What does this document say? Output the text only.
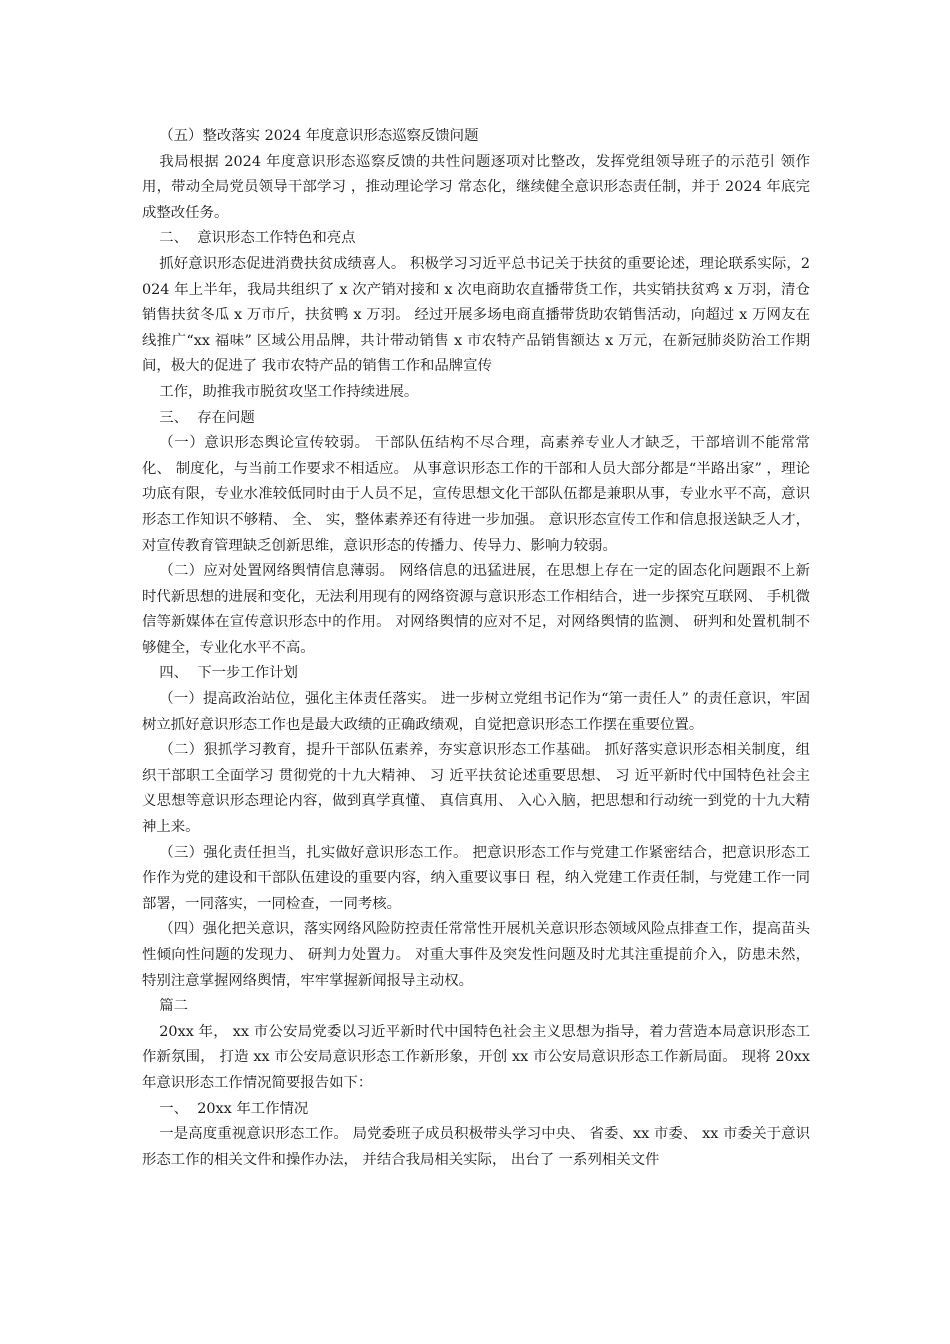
（五）整改落实 2024 年度意识形态巡察反馈问题

我局根据 2024 年度意识形态巡察反馈的共性问题逐项对比整改，发挥党组领导班子的示范引 领作用，带动全局党员领导干部学习 ，推动理论学习 常态化，继续健全意识形态责任制，并于 2024 年底完成整改任务。

二、  意识形态工作特色和亮点

抓好意识形态促进消费扶贫成绩喜人。 积极学习习近平总书记关于扶贫的重要论述，理论联系实际，2024 年上半年，我局共组织了 x 次产销对接和 x 次电商助农直播带货工作，共实销扶贫鸡 x 万羽，清仓销售扶贫冬瓜 x 万市斤，扶贫鸭 x 万羽。 经过开展多场电商直播带货助农销售活动，向超过 x 万网友在线推广“xx 福味” 区域公用品牌，共计带动销售 x 市农特产品销售额达 x 万元，在新冠肺炎防治工作期间，极大的促进了 我市农特产品的销售工作和品牌宣传

工作，助推我市脱贫攻坚工作持续进展。

三、  存在问题

（一）意识形态舆论宣传较弱。 干部队伍结构不尽合理，高素养专业人才缺乏，干部培训不能常常化、 制度化，与当前工作要求不相适应。 从事意识形态工作的干部和人员大部分都是“半路出家” ，理论功底有限，专业水准较低同时由于人员不足，宣传思想文化干部队伍都是兼职从事，专业水平不高，意识形态工作知识不够精、 全、 实，整体素养还有待进一步加强。 意识形态宣传工作和信息报送缺乏人才，对宣传教育管理缺乏创新思维，意识形态的传播力、传导力、影响力较弱。

（二）应对处置网络舆情信息薄弱。 网络信息的迅猛进展，在思想上存在一定的固态化问题跟不上新时代新思想的进展和变化，无法利用现有的网络资源与意识形态工作相结合，进一步探究互联网、 手机微信等新媒体在宣传意识形态中的作用。 对网络舆情的应对不足，对网络舆情的监测、 研判和处置机制不够健全，专业化水平不高。

四、  下一步工作计划

（一）提高政治站位，强化主体责任落实。 进一步树立党组书记作为“第一责任人” 的责任意识，牢固树立抓好意识形态工作也是最大政绩的正确政绩观，自觉把意识形态工作摆在重要位置。

（二）狠抓学习教育，提升干部队伍素养，夯实意识形态工作基础。 抓好落实意识形态相关制度，组织干部职工全面学习 贯彻党的十九大精神、 习 近平扶贫论述重要思想、 习 近平新时代中国特色社会主义思想等意识形态理论内容，做到真学真懂、 真信真用、 入心入脑，把思想和行动统一到党的十九大精神上来。

（三）强化责任担当，扎实做好意识形态工作。 把意识形态工作与党建工作紧密结合，把意识形态工作作为党的建设和干部队伍建设的重要内容，纳入重要议事日 程，纳入党建工作责任制，与党建工作一同部署，一同落实，一同检查，一同考核。

（四）强化把关意识，落实网络风险防控责任常常性开展机关意识形态领域风险点排查工作，提高苗头性倾向性问题的发现力、 研判力处置力。 对重大事件及突发性问题及时尤其注重提前介入，防患未然，特别注意掌握网络舆情，牢牢掌握新闻报导主动权。

篇二

20xx 年， xx 市公安局党委以习近平新时代中国特色社会主义思想为指导，着力营造本局意识形态工作新氛围， 打造 xx 市公安局意识形态工作新形象，开创 xx 市公安局意识形态工作新局面。 现将 20xx 年意识形态工作情况简要报告如下：

一、  20xx 年工作情况

一是高度重视意识形态工作。 局党委班子成员积极带头学习中央、 省委、xx 市委、 xx 市委关于意识形态工作的相关文件和操作办法， 并结合我局相关实际， 出台了 一系列相关文件
